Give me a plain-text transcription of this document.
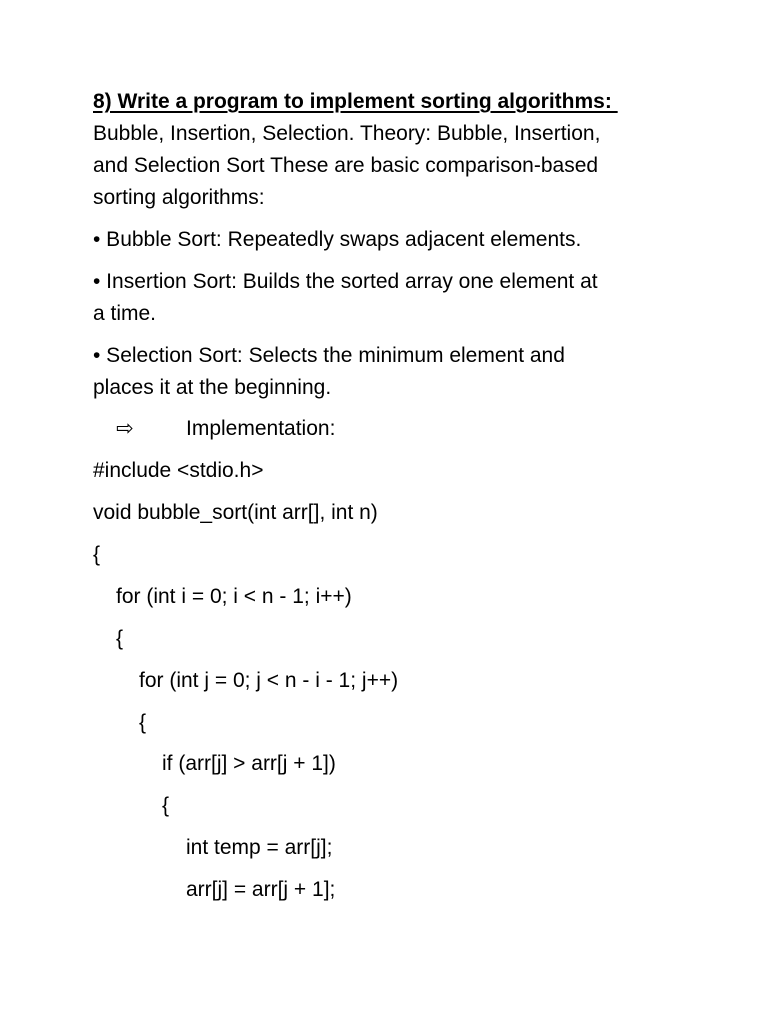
8) Write a program to implement sorting algorithms:
Bubble, Insertion, Selection. Theory: Bubble, Insertion,
and Selection Sort These are basic comparison-based
sorting algorithms:
• Bubble Sort: Repeatedly swaps adjacent elements.
• Insertion Sort: Builds the sorted array one element at
a time.
• Selection Sort: Selects the minimum element and
places it at the beginning.
⇨ Implementation:
#include <stdio.h>
void bubble_sort(int arr[], int n)
{
for (int i = 0; i < n - 1; i++)
{
for (int j = 0; j < n - i - 1; j++)
{
if (arr[j] > arr[j + 1])
{
int temp = arr[j];
arr[j] = arr[j + 1];
